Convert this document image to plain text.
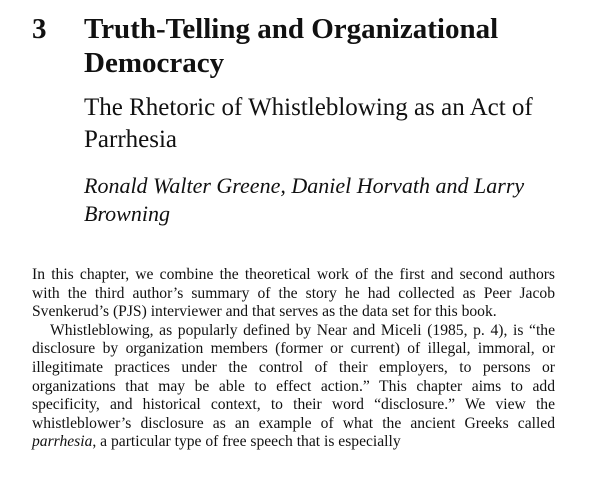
3 Truth-Telling and Organizational Democracy
The Rhetoric of Whistleblowing as an Act of Parrhesia
Ronald Walter Greene, Daniel Horvath and Larry Browning

In this chapter, we combine the theoretical work of the first and second authors with the third author’s summary of the story he had collected as Peer Jacob Svenkerud’s (PJS) interviewer and that serves as the data set for this book.

Whistleblowing, as popularly defined by Near and Miceli (1985, p. 4), is “the disclosure by organization members (former or current) of illegal, immoral, or illegitimate practices under the control of their employers, to persons or organizations that may be able to effect action.” This chapter aims to add specificity, and historical context, to their word “disclosure.” We view the whistleblower’s disclosure as an example of what the ancient Greeks called parrhesia, a particular type of free speech that is especially
